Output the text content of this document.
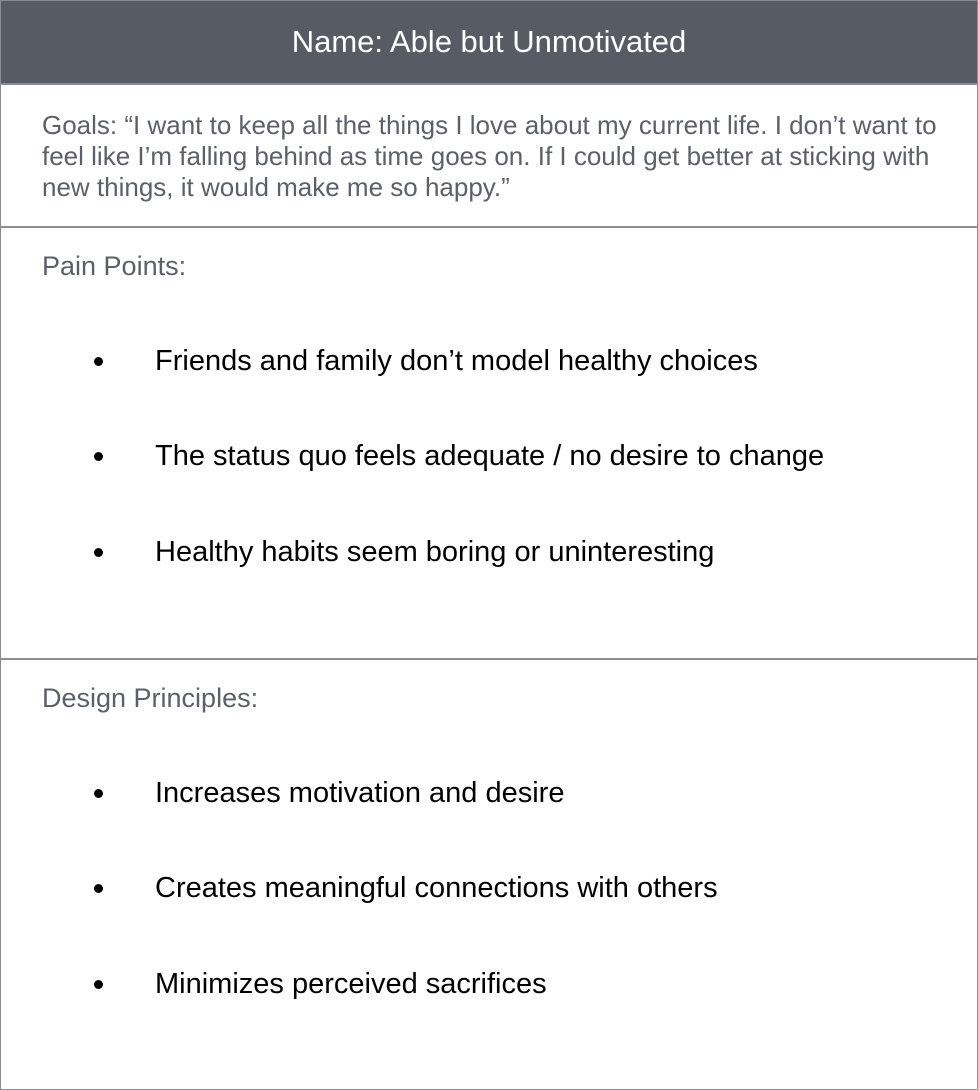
Name: Able but Unmotivated
Goals: “I want to keep all the things I love about my current life. I don’t want to feel like I’m falling behind as time goes on. If I could get better at sticking with new things, it would make me so happy.”
Pain Points:
Friends and family don’t model healthy choices
The status quo feels adequate / no desire to change
Healthy habits seem boring or uninteresting
Design Principles:
Increases motivation and desire
Creates meaningful connections with others
Minimizes perceived sacrifices
